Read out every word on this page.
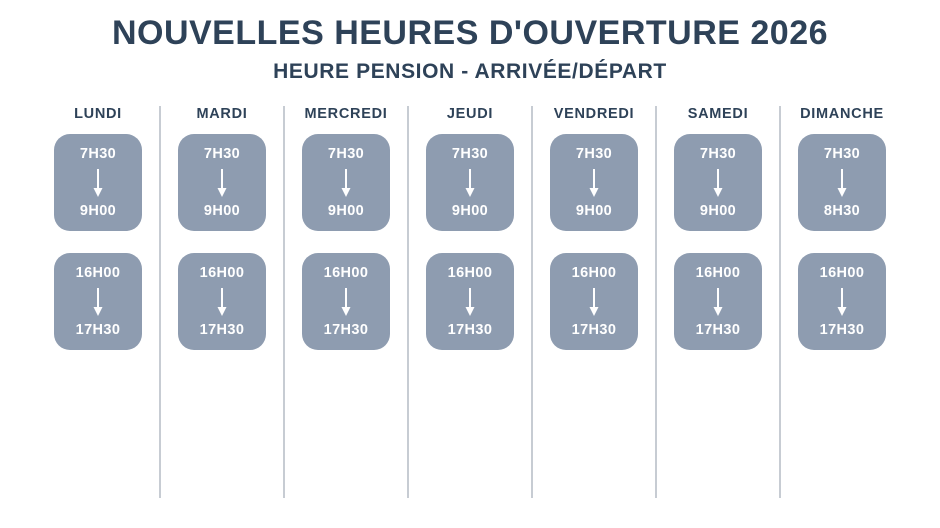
NOUVELLES HEURES D'OUVERTURE 2026
HEURE PENSION - ARRIVÉE/DÉPART
LUNDI
7H30
9H00
16H00
17H30
MARDI
7H30
9H00
16H00
17H30
MERCREDI
7H30
9H00
16H00
17H30
JEUDI
7H30
9H00
16H00
17H30
VENDREDI
7H30
9H00
16H00
17H30
SAMEDI
7H30
9H00
16H00
17H30
DIMANCHE
7H30
8H30
16H00
17H30
